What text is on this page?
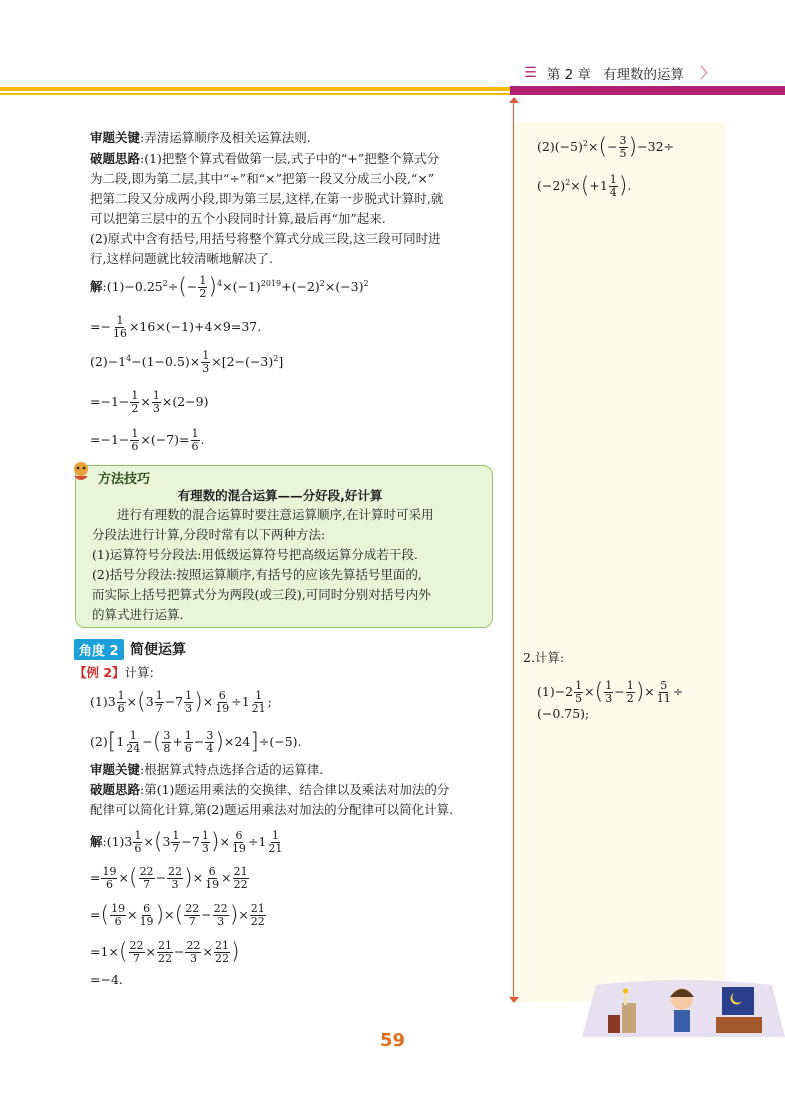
☰ 第 2 章 有理数的运算 〉
审题关键:弄清运算顺序及相关运算法则.
破题思路:(1)把整个算式看做第一层,式子中的“+”把整个算式分
为二段,即为第二层,其中“÷”和“×”把第一段又分成三小段,“×”
把第二段又分成两小段,即为第三层,这样,在第一步脱式计算时,就
可以把第三层中的五个小段同时计算,最后再“加”起来.
(2)原式中含有括号,用括号将整个算式分成三段,这三段可同时进
行,这样问题就比较清晰地解决了.
解$:(1)-0.25^2\div(- \frac{1}{2} )^4\times(-1)^{2019}+(-2)^2\times(-3)^2$
=− $\frac{1}{16} \times 16\times(-1)+4\times 9=37$.
$(2)-1^4-(1-0.5)\times \frac{1}{3} \times[2-(-3)^2]$
$=-1- \frac{1}{2} \times \frac{1}{3} \times(2-9)$
$=-1- \frac{1}{6} \times(-7)= \frac{1}{6}$ .
方法技巧
有理数的混合运算——分好段,好计算
进行有理数的混合运算时要注意运算顺序,在计算时可采用
分段法进行计算,分段时常有以下两种方法:
(1)运算符号分段法:用低级运算符号把高级运算分成若干段.
(2)括号分段法:按照运算顺序,有括号的应该先算括号里面的,
而实际上括号把算式分为两段(或三段),可同时分别对括号内外
的算式进行运算.
角度 2 简便运算
【例 2】计算:
$(1)3 \frac{1}{6} \times(3 \frac{1}{7} -7 \frac{1}{3}$ )× $\frac{6}{19} \div 1 \frac{1}{21}$ ;
$(2)[1 \frac{1}{24}$ −( $\frac{3}{8} + \frac{1}{6} - \frac{3}{4} )\times 24]\div(-5)$.
审题关键:根据算式特点选择合适的运算律.
破题思路:第(1)题运用乘法的交换律、结合律以及乘法对加法的分
配律可以简化计算,第(2)题运用乘法对加法的分配律可以简化计算.
解:(1)3 $\frac{1}{6} \times(3 \frac{1}{7} -7 \frac{1}{3}$ )× $\frac{6}{19} \div 1 \frac{1}{21}$
= $\frac{19}{6}$ ×( $\frac{22}{7} - \frac{22}{3}$ )× $\frac{6}{19} \times \frac{21}{22}$
=( $\frac{19}{6} \times \frac{6}{19}$ )×( $\frac{22}{7} - \frac{22}{3}$ )× $\frac{21}{22}$
$=1\times( \frac{22}{7} \times \frac{21}{22} - \frac{22}{3} \times \frac{21}{22}$ )
=−4.
$(2)(-5)^2\times(- \frac{3}{5} )-32\div$
$(-2)^2\times(+1 \frac{1}{4}$ ).
2.计算:
$(1)-2 \frac{1}{5}$ ×( $\frac{1}{3} - \frac{1}{2}$ )× $\frac{5}{11}$ ÷
(−0.75);
59
